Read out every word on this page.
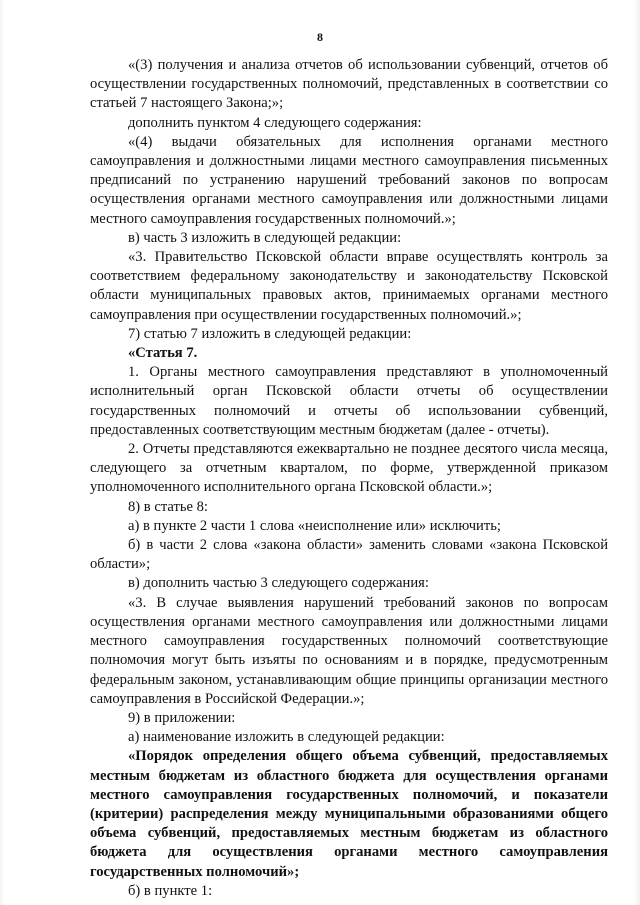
8

«(3) получения и анализа отчетов об использовании субвенций, отчетов об осуществлении государственных полномочий, представленных в соответствии со статьей 7 настоящего Закона;»;

дополнить пунктом 4 следующего содержания:

«(4) выдачи обязательных для исполнения органами местного самоуправления и должностными лицами местного самоуправления письменных предписаний по устранению нарушений требований законов по вопросам осуществления органами местного самоуправления или должностными лицами местного самоуправления государственных полномочий.»;

в) часть 3 изложить в следующей редакции:

«3. Правительство Псковской области вправе осуществлять контроль за соответствием федеральному законодательству и законодательству Псковской области муниципальных правовых актов, принимаемых органами местного самоуправления при осуществлении государственных полномочий.»;

7) статью 7 изложить в следующей редакции:

«Статья 7.

1. Органы местного самоуправления представляют в уполномоченный исполнительный орган Псковской области отчеты об осуществлении государственных полномочий и отчеты об использовании субвенций, предоставленных соответствующим местным бюджетам (далее - отчеты).

2. Отчеты представляются ежеквартально не позднее десятого числа месяца, следующего за отчетным кварталом, по форме, утвержденной приказом уполномоченного исполнительного органа Псковской области.»;

8) в статье 8:

а) в пункте 2 части 1 слова «неисполнение или» исключить;

б) в части 2 слова «закона области» заменить словами «закона Псковской области»;

в) дополнить частью 3 следующего содержания:

«3. В случае выявления нарушений требований законов по вопросам осуществления органами местного самоуправления или должностными лицами местного самоуправления государственных полномочий соответствующие полномочия могут быть изъяты по основаниям и в порядке, предусмотренным федеральным законом, устанавливающим общие принципы организации местного самоуправления в Российской Федерации.»;

9) в приложении:

а) наименование изложить в следующей редакции:

«Порядок определения общего объема субвенций, предоставляемых местным бюджетам из областного бюджета для осуществления органами местного самоуправления государственных полномочий, и показатели (критерии) распределения между муниципальными образованиями общего объема субвенций, предоставляемых местным бюджетам из областного бюджета для осуществления органами местного самоуправления государственных полномочий»;

б) в пункте 1:
